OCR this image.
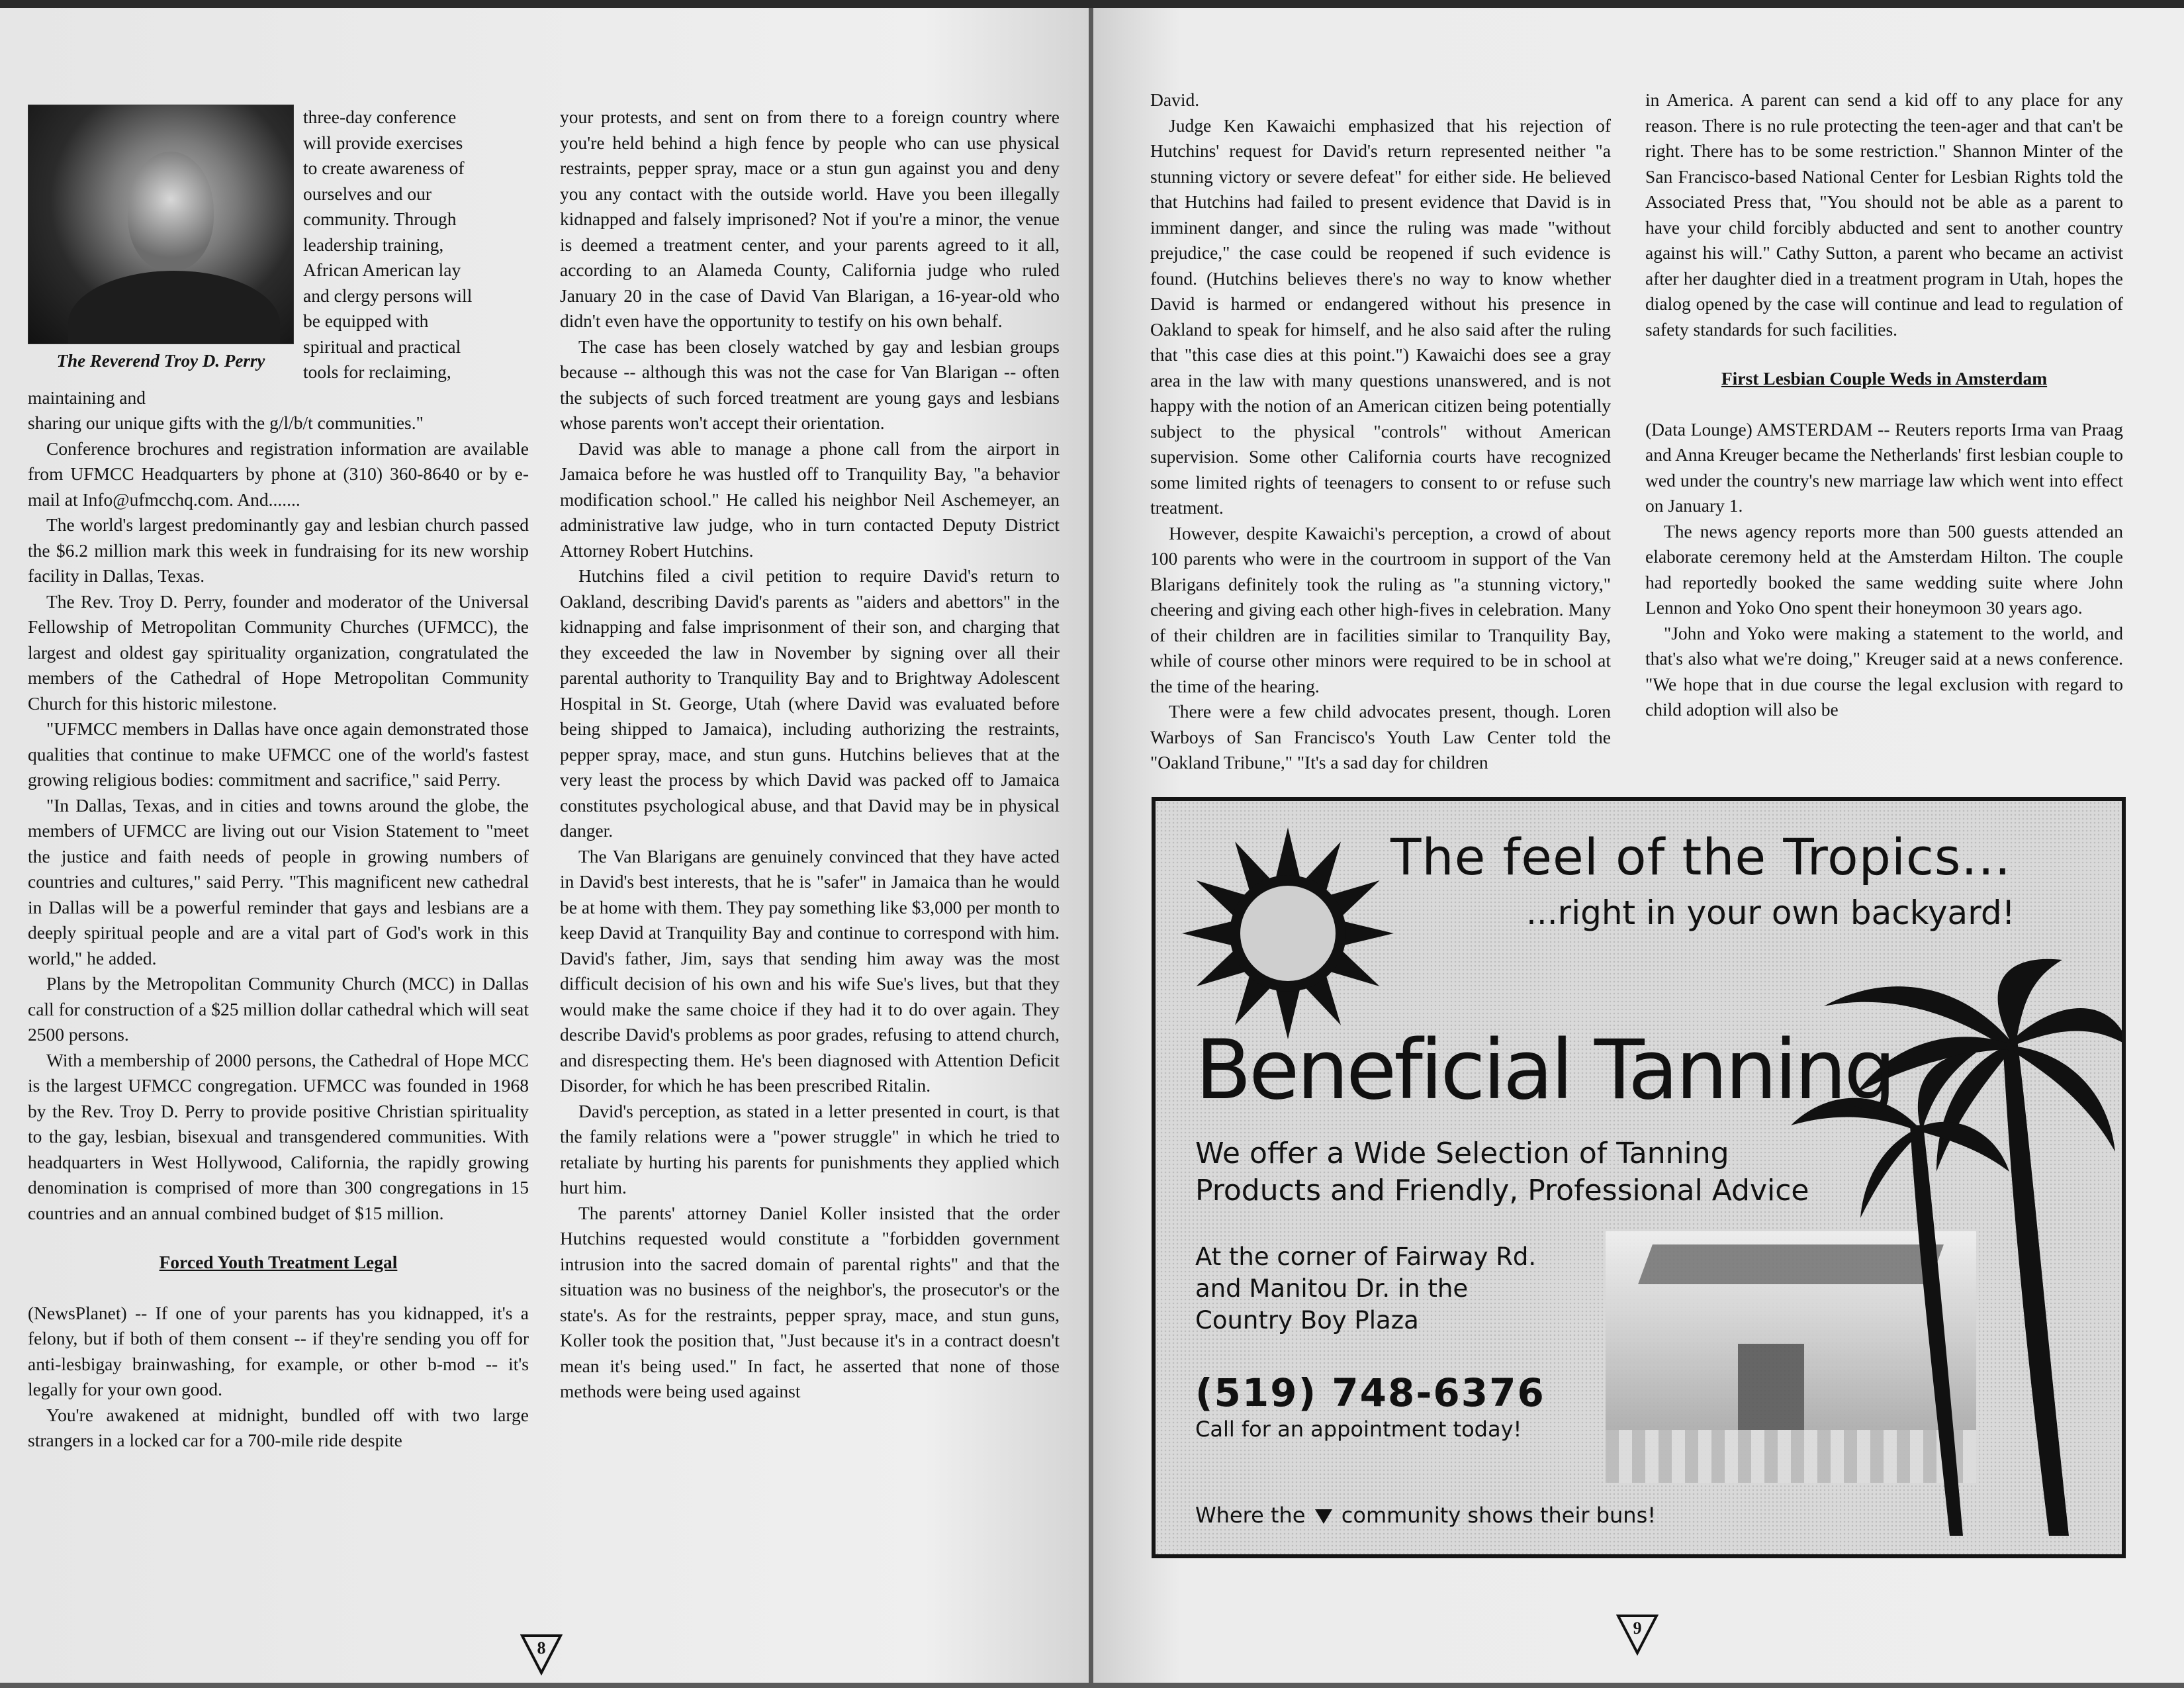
The Reverend Troy D. Perry
three-day conference
will provide exercises
to create awareness of
ourselves and our
community. Through
leadership training,
African American lay
and clergy persons will
be equipped with
spiritual and practical
tools for reclaiming,
maintaining and

sharing our unique gifts with the g/l/b/t communities."

Conference brochures and registration information are available from UFMCC Headquarters by phone at (310) 360-8640 or by e-mail at Info@ufmcchq.com. And.......

The world's largest predominantly gay and lesbian church passed the $6.2 million mark this week in fundraising for its new worship facility in Dallas, Texas.

The Rev. Troy D. Perry, founder and moderator of the Universal Fellowship of Metropolitan Community Churches (UFMCC), the largest and oldest gay spirituality organization, congratulated the members of the Cathedral of Hope Metropolitan Community Church for this historic milestone.

"UFMCC members in Dallas have once again demonstrated those qualities that continue to make UFMCC one of the world's fastest growing religious bodies: commitment and sacrifice," said Perry.

"In Dallas, Texas, and in cities and towns around the globe, the members of UFMCC are living out our Vision Statement to "meet the justice and faith needs of people in growing numbers of countries and cultures," said Perry. "This magnificent new cathedral in Dallas will be a powerful reminder that gays and lesbians are a deeply spiritual people and are a vital part of God's work in this world," he added.

Plans by the Metropolitan Community Church (MCC) in Dallas call for construction of a $25 million dollar cathedral which will seat 2500 persons.

With a membership of 2000 persons, the Cathedral of Hope MCC is the largest UFMCC congregation. UFMCC was founded in 1968 by the Rev. Troy D. Perry to provide positive Christian spirituality to the gay, lesbian, bisexual and transgendered communities. With headquarters in West Hollywood, California, the rapidly growing denomination is comprised of more than 300 congregations in 15 countries and an annual combined budget of $15 million.

Forced Youth Treatment Legal

(NewsPlanet) -- If one of your parents has you kidnapped, it's a felony, but if both of them consent -- if they're sending you off for anti-lesbigay brainwashing, for example, or other b-mod -- it's legally for your own good.

You're awakened at midnight, bundled off with two large strangers in a locked car for a 700-mile ride despite

your protests, and sent on from there to a foreign country where you're held behind a high fence by people who can use physical restraints, pepper spray, mace or a stun gun against you and deny you any contact with the outside world. Have you been illegally kidnapped and falsely imprisoned? Not if you're a minor, the venue is deemed a treatment center, and your parents agreed to it all, according to an Alameda County, California judge who ruled January 20 in the case of David Van Blarigan, a 16-year-old who didn't even have the opportunity to testify on his own behalf.

The case has been closely watched by gay and lesbian groups because -- although this was not the case for Van Blarigan -- often the subjects of such forced treatment are young gays and lesbians whose parents won't accept their orientation.

David was able to manage a phone call from the airport in Jamaica before he was hustled off to Tranquility Bay, "a behavior modification school." He called his neighbor Neil Aschemeyer, an administrative law judge, who in turn contacted Deputy District Attorney Robert Hutchins.

Hutchins filed a civil petition to require David's return to Oakland, describing David's parents as "aiders and abettors" in the kidnapping and false imprisonment of their son, and charging that they exceeded the law in November by signing over all their parental authority to Tranquility Bay and to Brightway Adolescent Hospital in St. George, Utah (where David was evaluated before being shipped to Jamaica), including authorizing the restraints, pepper spray, mace, and stun guns. Hutchins believes that at the very least the process by which David was packed off to Jamaica constitutes psychological abuse, and that David may be in physical danger.

The Van Blarigans are genuinely convinced that they have acted in David's best interests, that he is "safer" in Jamaica than he would be at home with them. They pay something like $3,000 per month to keep David at Tranquility Bay and continue to correspond with him. David's father, Jim, says that sending him away was the most difficult decision of his own and his wife Sue's lives, but that they would make the same choice if they had it to do over again. They describe David's problems as poor grades, refusing to attend church, and disrespecting them. He's been diagnosed with Attention Deficit Disorder, for which he has been prescribed Ritalin.

David's perception, as stated in a letter presented in court, is that the family relations were a "power struggle" in which he tried to retaliate by hurting his parents for punishments they applied which hurt him.

The parents' attorney Daniel Koller insisted that the order Hutchins requested would constitute a "forbidden government intrusion into the sacred domain of parental rights" and that the situation was no business of the neighbor's, the prosecutor's or the state's. As for the restraints, pepper spray, mace, and stun guns, Koller took the position that, "Just because it's in a contract doesn't mean it's being used." In fact, he asserted that none of those methods were being used against

8

David.

Judge Ken Kawaichi emphasized that his rejection of Hutchins' request for David's return represented neither "a stunning victory or severe defeat" for either side. He believed that Hutchins had failed to present evidence that David is in imminent danger, and since the ruling was made "without prejudice," the case could be reopened if such evidence is found. (Hutchins believes there's no way to know whether David is harmed or endangered without his presence in Oakland to speak for himself, and he also said after the ruling that "this case dies at this point.") Kawaichi does see a gray area in the law with many questions unanswered, and is not happy with the notion of an American citizen being potentially subject to the physical "controls" without American supervision. Some other California courts have recognized some limited rights of teenagers to consent to or refuse such treatment.

However, despite Kawaichi's perception, a crowd of about 100 parents who were in the courtroom in support of the Van Blarigans definitely took the ruling as "a stunning victory," cheering and giving each other high-fives in celebration. Many of their children are in facilities similar to Tranquility Bay, while of course other minors were required to be in school at the time of the hearing.

There were a few child advocates present, though. Loren Warboys of San Francisco's Youth Law Center told the "Oakland Tribune," "It's a sad day for children

in America. A parent can send a kid off to any place for any reason. There is no rule protecting the teen-ager and that can't be right. There has to be some restriction." Shannon Minter of the San Francisco-based National Center for Lesbian Rights told the Associated Press that, "You should not be able as a parent to have your child forcibly abducted and sent to another country against his will." Cathy Sutton, a parent who became an activist after her daughter died in a treatment program in Utah, hopes the dialog opened by the case will continue and lead to regulation of safety standards for such facilities.

First Lesbian Couple Weds in Amsterdam

(Data Lounge) AMSTERDAM -- Reuters reports Irma van Praag and Anna Kreuger became the Netherlands' first lesbian couple to wed under the country's new marriage law which went into effect on January 1.

The news agency reports more than 500 guests attended an elaborate ceremony held at the Amsterdam Hilton. The couple had reportedly booked the same wedding suite where John Lennon and Yoko Ono spent their honeymoon 30 years ago.

"John and Yoko were making a statement to the world, and that's also what we're doing," Kreuger said at a news conference. "We hope that in due course the legal exclusion with regard to child adoption will also be

The feel of the Tropics...
...right in your own backyard!
Beneficial Tanning
We offer a Wide Selection of Tanning
Products and Friendly, Professional Advice
At the corner of Fairway Rd.
and Manitou Dr. in the
Country Boy Plaza
(519) 748-6376
Call for an appointment today!
Where the community shows their buns!
9
